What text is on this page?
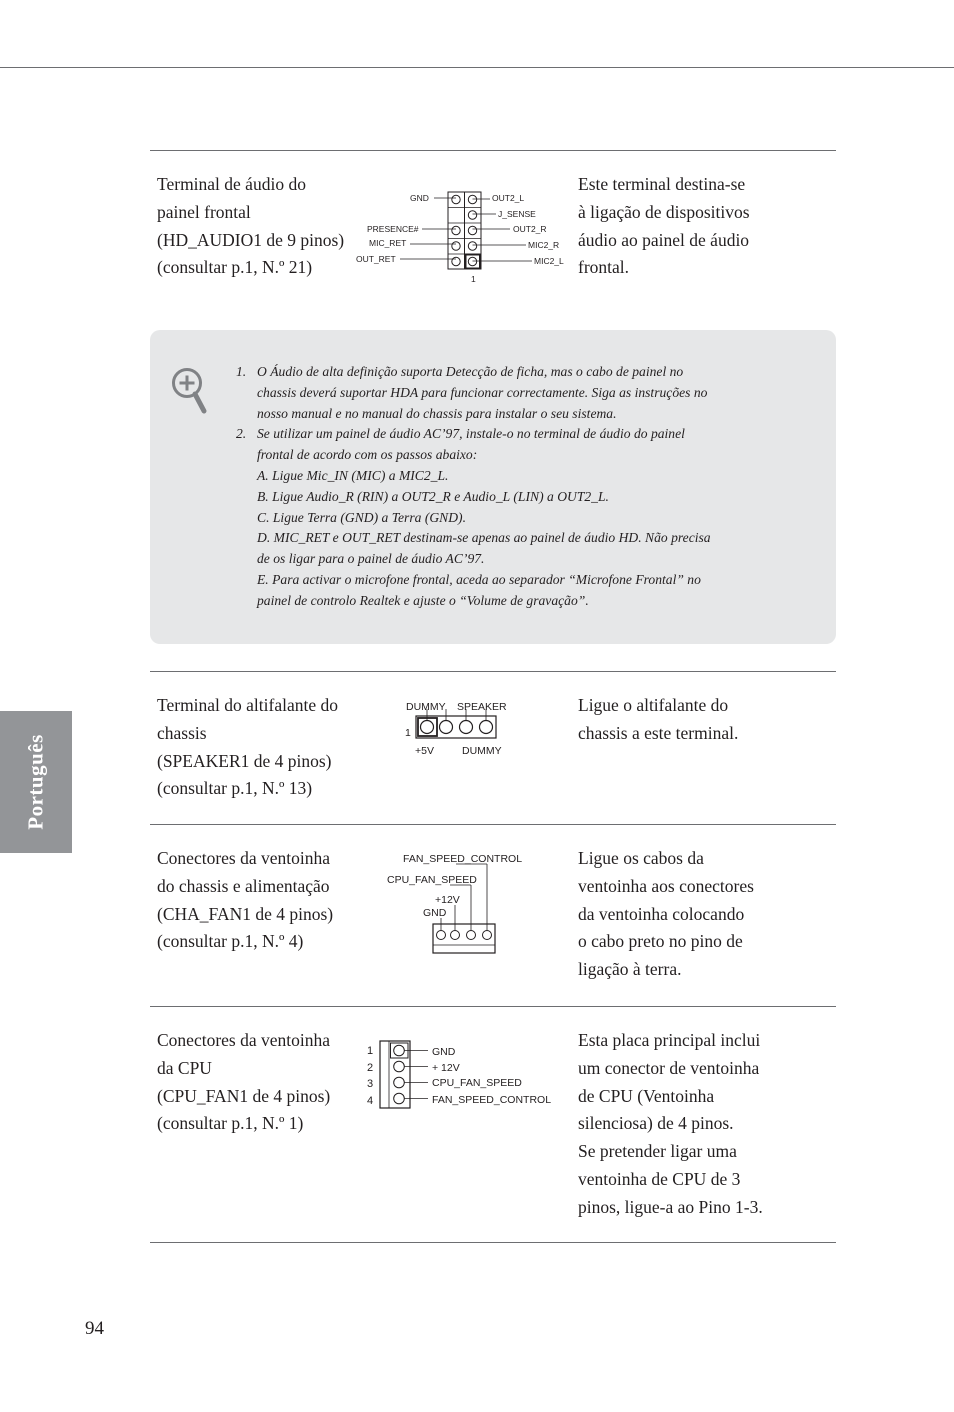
Terminal de áudio do
painel frontal
(HD_AUDIO1 de 9 pinos)
(consultar p.1, N.º 21)
GND
PRESENCE#
MIC_RET
OUT_RET
OUT2_L
J_SENSE
OUT2_R
MIC2_R
MIC2_L
1
Este terminal destina-se
à ligação de dispositivos
áudio ao painel de áudio
frontal.
1. O Áudio de alta definição suporta Detecção de ficha, mas o cabo de painel no
chassis deverá suportar HDA para funcionar correctamente. Siga as instruções no
nosso manual e no manual do chassis para instalar o seu sistema.
2. Se utilizar um painel de áudio AC’97, instale-o no terminal de áudio do painel
frontal de acordo com os passos abaixo:
A. Ligue Mic_IN (MIC) a MIC2_L.
B. Ligue Audio_R (RIN) a OUT2_R e Audio_L (LIN) a OUT2_L.
C. Ligue Terra (GND) a Terra (GND).
D. MIC_RET e OUT_RET destinam-se apenas ao painel de áudio HD. Não precisa
de os ligar para o painel de áudio AC’97.
E. Para activar o microfone frontal, aceda ao separador “Microfone Frontal” no
painel de controlo Realtek e ajuste o “Volume de gravação”.
Terminal do altifalante do
chassis
(SPEAKER1 de 4 pinos)
(consultar p.1, N.º 13)
DUMMY SPEAKER
1
+5V	DUMMY
Ligue o altifalante do
chassis a este terminal.
Conectores da ventoinha
do chassis e alimentação
(CHA_FAN1 de 4 pinos)
(consultar p.1, N.º 4)
FAN_SPEED_CONTROL
CPU_FAN_SPEED
+12V
GND
Ligue os cabos da
ventoinha aos conectores
da ventoinha colocando
o cabo preto no pino de
ligação à terra.
Conectores da ventoinha
da CPU
(CPU_FAN1 de 4 pinos)
(consultar p.1, N.º 1)
1
2
3
4
GND
+ 12V
CPU_FAN_SPEED
FAN_SPEED_CONTROL
Esta placa principal inclui
um conector de ventoinha
de CPU (Ventoinha
silenciosa) de 4 pinos.
Se pretender ligar uma
ventoinha de CPU de 3
pinos, ligue-a ao Pino 1-3.
Português
94
